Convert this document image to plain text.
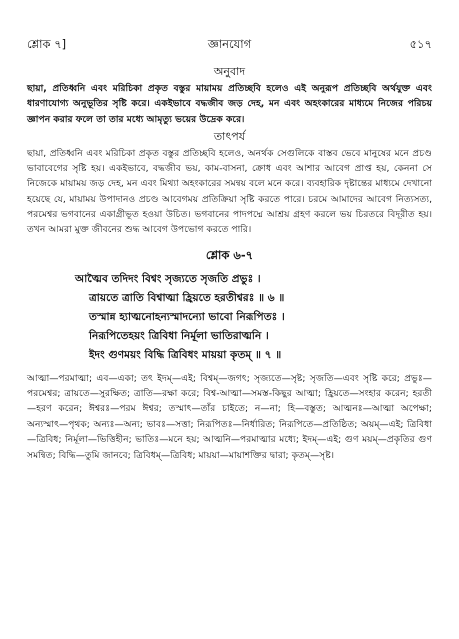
শ্লোক ৭]	জ্ঞানযোগ	৫১৭
অনুবাদ

ছায়া, প্রতিধ্বনি এবং মরিচিকা প্রকৃত বস্তুর মায়াময় প্রতিচ্ছবি হলেও এই অনুরূপ প্রতিচ্ছবি অর্থযুক্ত এবং ধারণাযোগ্য অনুভূতির সৃষ্টি করে। একইভাবে বদ্ধজীব জড় দেহ, মন এবং অহংকারের মাধ্যমে নিজের পরিচয় জ্ঞাপন করার ফলে তা তার মধ্যে আমৃত্যু ভয়ের উদ্রেক করে।

তাৎপর্য

ছায়া, প্রতিধ্বনি এবং মরিচিকা প্রকৃত বস্তুর প্রতিচ্ছবি হলেও, অনর্থক সেগুলিকে বাস্তব ভেবে মানুষের মনে প্রচণ্ড ভাবাবেগের সৃষ্টি হয়। একইভাবে, বদ্ধজীব ভয়, কাম-বাসনা, ক্রোধ এবং আশার আবেগ প্রাপ্ত হয়, কেননা সে নিজেকে মায়াময় জড় দেহ, মন এবং মিথ্যা অহংকারের সমন্বয় বলে মনে করে। ব্যবহারিক দৃষ্টান্তের মাধ্যমে দেখানো হয়েছে যে, মায়াময় উপাদানও প্রচণ্ড আবেগময় প্রতিক্রিয়া সৃষ্টি করতে পারে। চরমে আমাদের আবেগ নিত্যসত্য, পরমেশ্বর ভগবানের একাগ্রীভূত হওয়া উচিত। ভগবানের পাদপদ্মে আশ্রয় গ্রহণ করলে ভয় চিরতরে বিদূরীত হয়। তখন আমরা মুক্ত জীবনের শুদ্ধ আবেগ উপভোগ করতে পারি।

শ্লোক ৬-৭
আত্মৈব তদিদং বিশ্বং সৃজ্যতে সৃজতি প্রভুঃ ।
ত্রায়তে ত্রাতি বিশ্বাত্মা হ্রিয়তে হরতীশ্বরঃ ॥ ৬ ॥
তস্মান্ন হ্যাত্মনোহন্যস্মাদন্যো ভাবো নিরূপিতঃ ।
নিরূপিতেহয়ং ত্রিবিধা নির্মূলা ভাতিরাত্মনি ।
ইদং গুণময়ং বিদ্ধি ত্রিবিধং মায়য়া কৃতম্ ॥ ৭ ॥

আত্মা—পরমাত্মা; এব—একা; তৎ ইদম্—এই; বিশ্বম্—জগৎ; সৃজ্যতে—সৃষ্ট; সৃজতি—এবং সৃষ্টি করে; প্রভুঃ—পরমেশ্বর; ত্রায়তে—সুরক্ষিত; ত্রাতি—রক্ষা করে; বিশ্ব-আত্মা—সমস্ত-কিছুর আত্মা; হ্রিয়তে—সংহার করেন; হরতী—হরণ করেন; ঈশ্বরঃ—পরম ঈশ্বর; তস্মাৎ—তাঁর চাইতে; ন—না; হি—বস্তুত; আত্মনঃ—আত্মা অপেক্ষা; অন্যস্মাৎ—পৃথক; অন্যঃ—অন্য; ভাবঃ—সত্তা; নিরূপিতঃ—নির্ধারিত; নিরূপিতে—প্রতিষ্ঠিত; অয়ম্—এই; ত্রিবিধা—ত্রিবিধ; নির্মূলা—ভিত্তিহীন; ভাতিঃ—মনে হয়; আত্মনি—পরমাত্মার মধ্যে; ইদম্—এই; গুণ ময়ম্—প্রকৃতির গুণ সমন্বিত; বিদ্ধি—তুমি জানবে; ত্রিবিধম্—ত্রিবিধ; মায়য়া—মায়াশক্তির দ্বারা; কৃতম্—সৃষ্ট।
